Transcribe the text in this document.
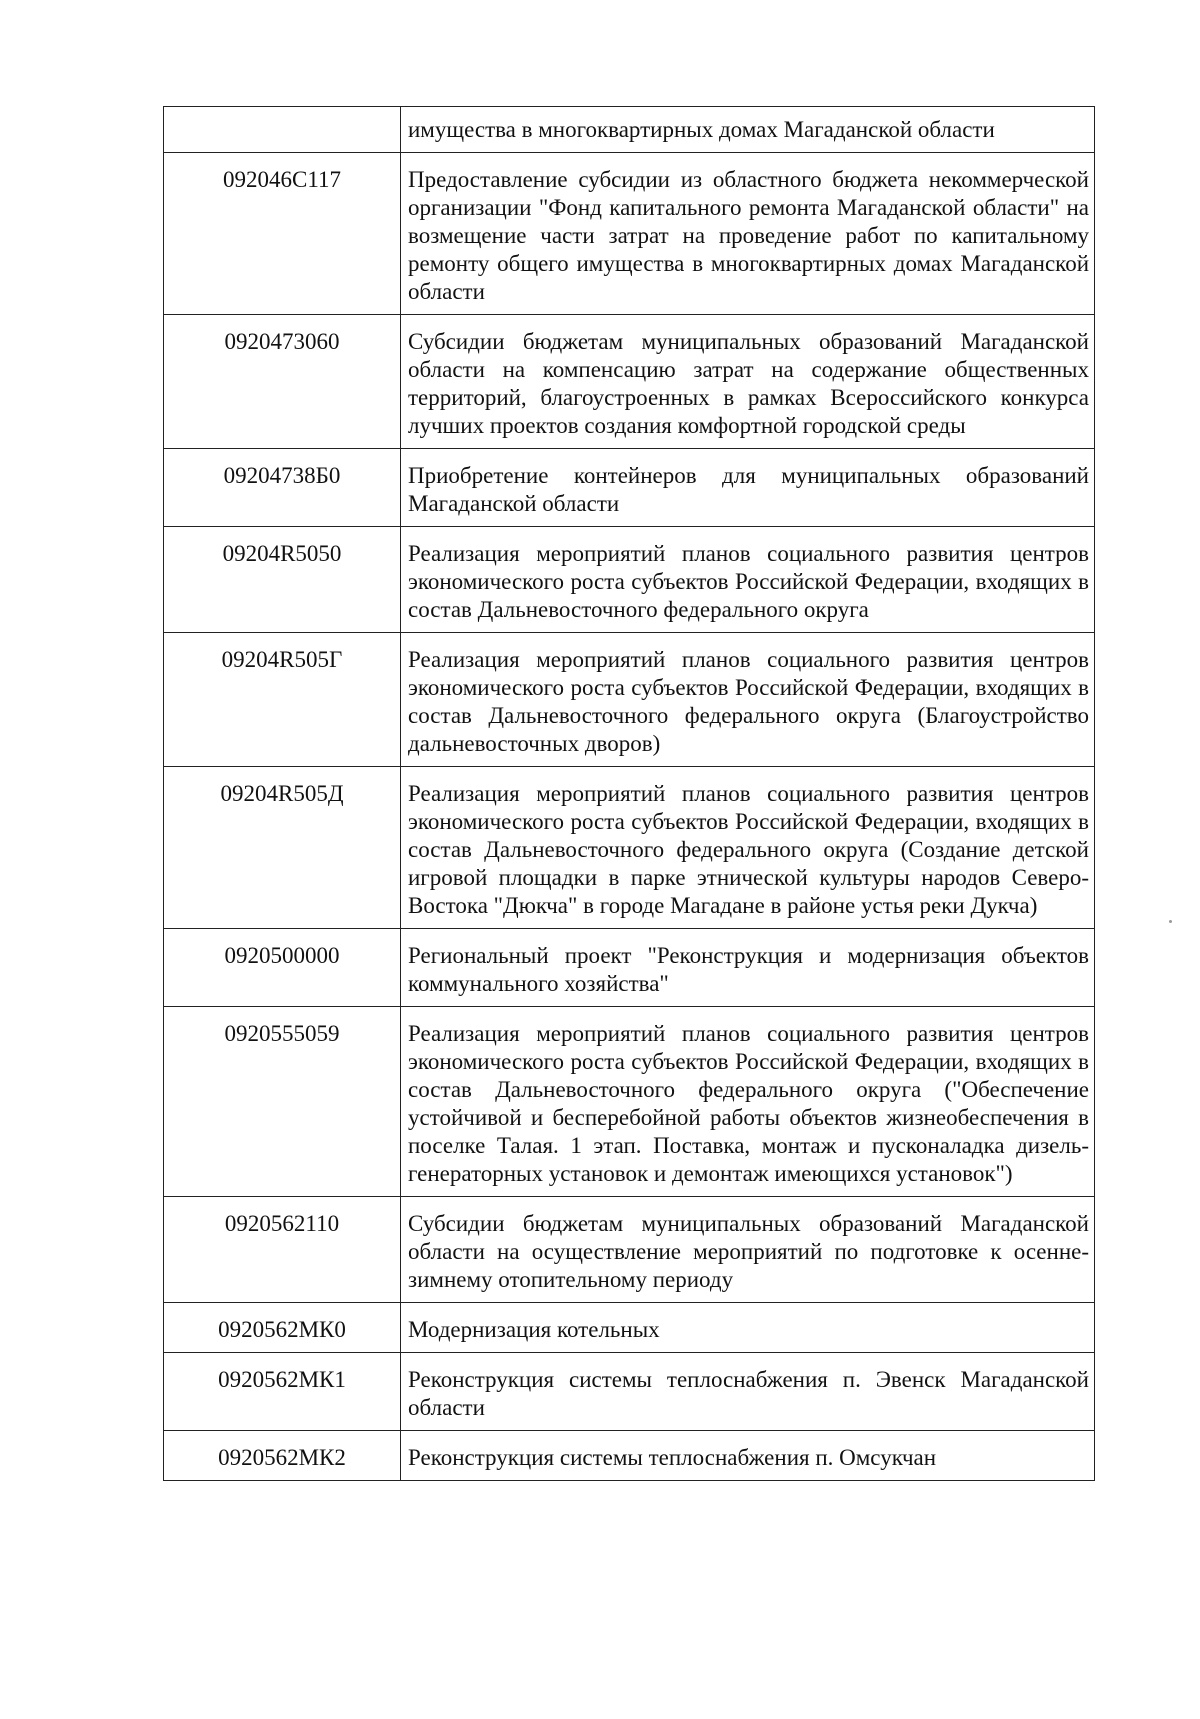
	имущества в многоквартирных домах Магаданской области
092046С117	Предоставление субсидии из областного бюджета некоммерческой организации "Фонд капитального ремонта Магаданской области" на возмещение части затрат на проведение работ по капитальному ремонту общего имущества в многоквартирных домах Магаданской области
0920473060	Субсидии бюджетам муниципальных образований Магаданской области на компенсацию затрат на содержание общественных территорий, благоустроенных в рамках Всероссийского конкурса лучших проектов создания комфортной городской среды
09204738Б0	Приобретение контейнеров для муниципальных образований Магаданской области
09204R5050	Реализация мероприятий планов социального развития центров экономического роста субъектов Российской Федерации, входящих в состав Дальневосточного федерального округа
09204R505Г	Реализация мероприятий планов социального развития центров экономического роста субъектов Российской Федерации, входящих в состав Дальневосточного федерального округа (Благоустройство дальневосточных дворов)
09204R505Д	Реализация мероприятий планов социального развития центров экономического роста субъектов Российской Федерации, входящих в состав Дальневосточного федерального округа (Создание детской игровой площадки в парке этнической культуры народов Северо-Востока "Дюкча" в городе Магадане в районе устья реки Дукча)
0920500000	Региональный проект "Реконструкция и модернизация объектов коммунального хозяйства"
0920555059	Реализация мероприятий планов социального развития центров экономического роста субъектов Российской Федерации, входящих в состав Дальневосточного федерального округа ("Обеспечение устойчивой и бесперебойной работы объектов жизнеобеспечения в поселке Талая. 1 этап. Поставка, монтаж и пусконаладка дизель-генераторных установок и демонтаж имеющихся установок")
0920562110	Субсидии бюджетам муниципальных образований Магаданской области на осуществление мероприятий по подготовке к осенне-зимнему отопительному периоду
0920562МК0	Модернизация котельных
0920562МК1	Реконструкция системы теплоснабжения п. Эвенск Магаданской области
0920562МК2	Реконструкция системы теплоснабжения п. Омсукчан
